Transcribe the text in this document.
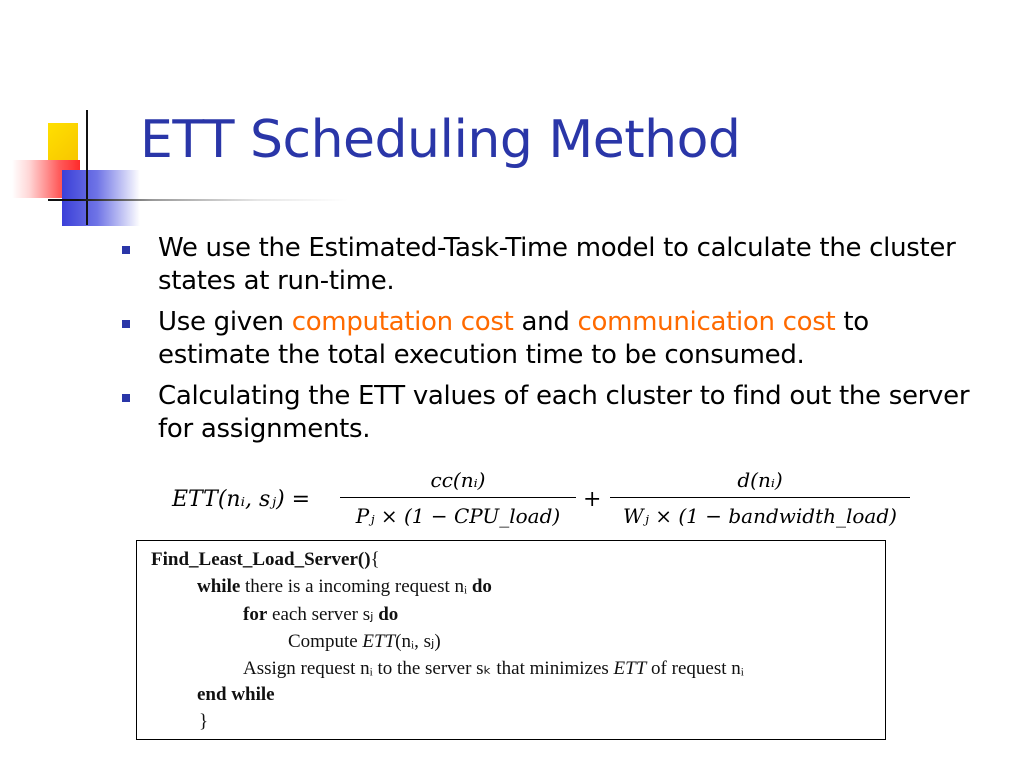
ETT Scheduling Method
We use the Estimated-Task-Time model to calculate the cluster states at run-time.
Use given computation cost and communication cost to estimate the total execution time to be consumed.
Calculating the ETT values of each cluster to find out the server for assignments.
ETT(nᵢ, sⱼ) =
cc(nᵢ)
Pⱼ × (1 − CPU_load)
+
d(nᵢ)
Wⱼ × (1 − bandwidth_load)
Find_Least_Load_Server(){
while there is a incoming request nᵢ do
for each server sⱼ do
Compute ETT(nᵢ, sⱼ)
Assign request nᵢ to the server sₖ that minimizes ETT of request nᵢ
end while
}
